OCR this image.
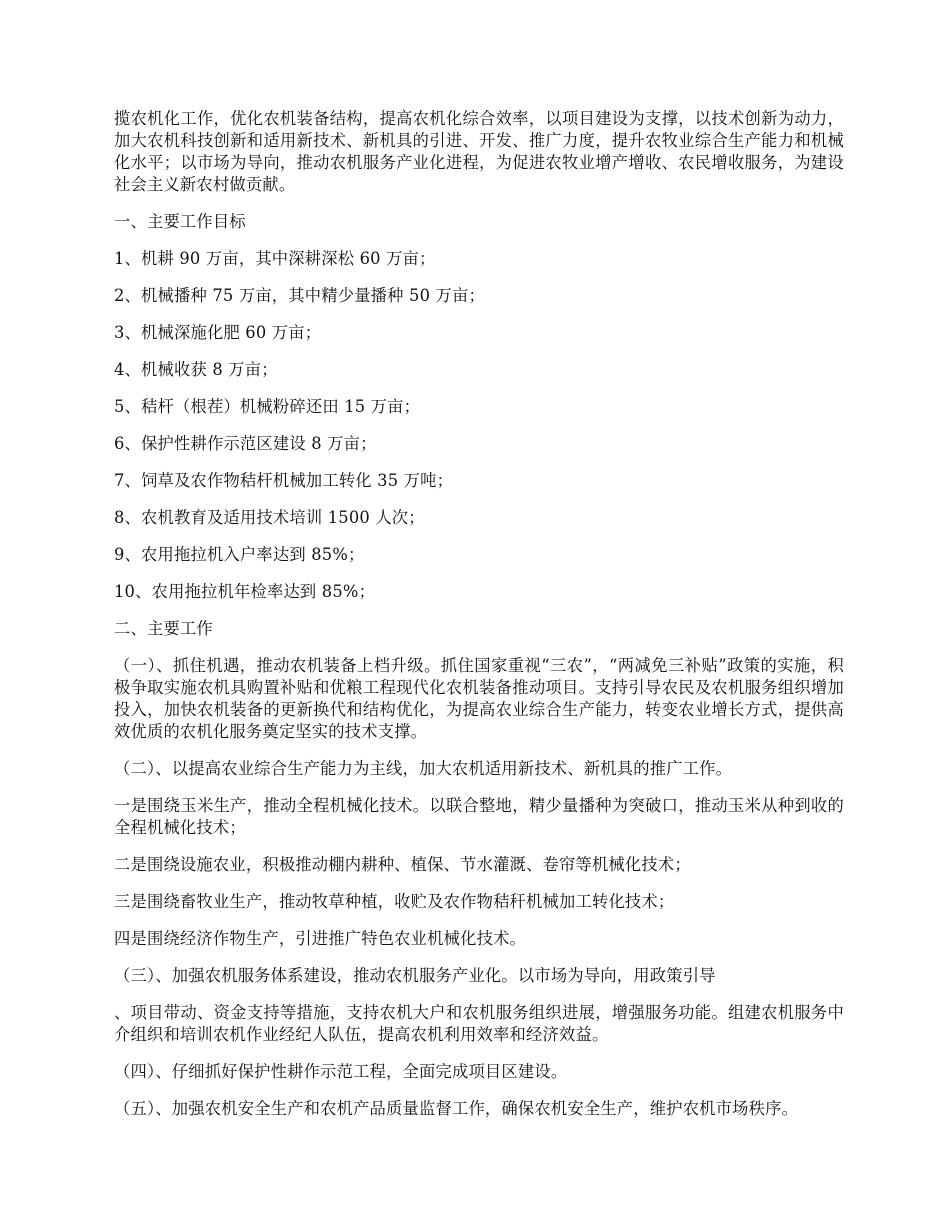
揽农机化工作，优化农机装备结构，提高农机化综合效率，以项目建设为支撑，以技术创新为动力，加大农机科技创新和适用新技术、新机具的引进、开发、推广力度，提升农牧业综合生产能力和机械化水平；以市场为导向，推动农机服务产业化进程，为促进农牧业增产增收、农民增收服务，为建设社会主义新农村做贡献。

一、主要工作目标

1、机耕 90 万亩，其中深耕深松 60 万亩；

2、机械播种 75 万亩，其中精少量播种 50 万亩；

3、机械深施化肥 60 万亩；

4、机械收获 8 万亩；

5、秸杆（根茬）机械粉碎还田 15 万亩；

6、保护性耕作示范区建设 8 万亩；

7、饲草及农作物秸杆机械加工转化 35 万吨；

8、农机教育及适用技术培训 1500 人次；

9、农用拖拉机入户率达到 85%；

10、农用拖拉机年检率达到 85%；

二、主要工作

（一）、抓住机遇，推动农机装备上档升级。抓住国家重视“三农”，“两减免三补贴”政策的实施，积极争取实施农机具购置补贴和优粮工程现代化农机装备推动项目。支持引导农民及农机服务组织增加投入，加快农机装备的更新换代和结构优化，为提高农业综合生产能力，转变农业增长方式，提供高效优质的农机化服务奠定坚实的技术支撑。

（二）、以提高农业综合生产能力为主线，加大农机适用新技术、新机具的推广工作。

一是围绕玉米生产，推动全程机械化技术。以联合整地，精少量播种为突破口，推动玉米从种到收的全程机械化技术；

二是围绕设施农业，积极推动棚内耕种、植保、节水灌溉、卷帘等机械化技术；

三是围绕畜牧业生产，推动牧草种植，收贮及农作物秸秆机械加工转化技术；

四是围绕经济作物生产，引进推广特色农业机械化技术。

（三）、加强农机服务体系建设，推动农机服务产业化。以市场为导向，用政策引导

、项目带动、资金支持等措施，支持农机大户和农机服务组织进展，增强服务功能。组建农机服务中介组织和培训农机作业经纪人队伍，提高农机利用效率和经济效益。

（四）、仔细抓好保护性耕作示范工程，全面完成项目区建设。

（五）、加强农机安全生产和农机产品质量监督工作，确保农机安全生产，维护农机市场秩序。
